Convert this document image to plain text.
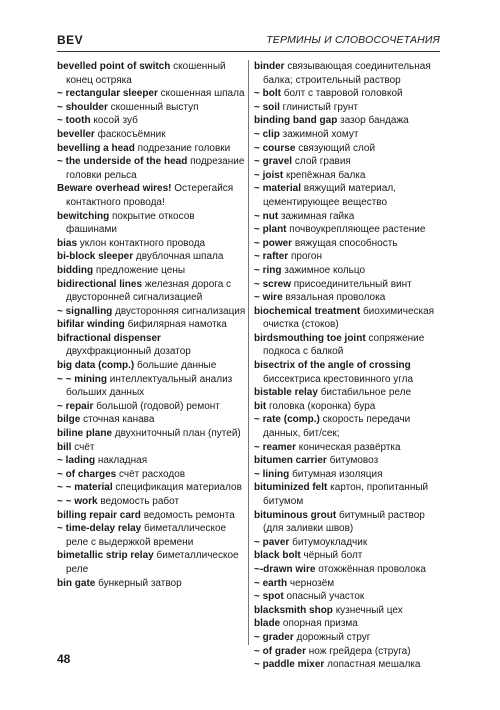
BEV	ТЕРМИНЫ И СЛОВОСОЧЕТАНИЯ

bevelled point of switch скошенный конец остряка

~ rectangular sleeper скошенная шпала

~ shoulder скошенный выступ

~ tooth косой зуб

beveller фаскосъёмник

bevelling a head подрезание головки

~ the underside of the head подрезание головки рельса

Beware overhead wires! Остерегайся контактного провода!

bewitching покрытие откосов фашинами

bias уклон контактного провода

bi-block sleeper двублочная шпала

bidding предложение цены

bidirectional lines железная дорога с двусторонней сигнализацией

~ signalling двусторонняя сигнализация

bifilar winding бифилярная намотка

bifractional dispenser двухфракционный дозатор

big data (comp.) большие данные

~ ~ mining интеллектуальный анализ больших данных

~ repair большой (годовой) ремонт

bilge сточная канава

biline plane двухниточный план (путей)

bill счёт

~ lading накладная

~ of charges счёт расходов

~ ~ material спецификация материалов

~ ~ work ведомость работ

billing repair card ведомость ремонта

~ time-delay relay биметаллическое реле с выдержкой времени

bimetallic strip relay биметаллическое реле

bin gate бункерный затвор

binder связывающая соединительная балка; строительный раствор

~ bolt болт с тавровой головкой

~ soil глинистый грунт

binding band gap зазор бандажа

~ clip зажимной хомут

~ course связующий слой

~ gravel слой гравия

~ joist крепёжная балка

~ material вяжущий материал, цементирующее вещество

~ nut зажимная гайка

~ plant почвоукрепляющее растение

~ power вяжущая способность

~ rafter прогон

~ ring зажимное кольцо

~ screw присоединительный винт

~ wire вязальная проволока

biochemical treatment биохимическая очистка (стоков)

birdsmouthing toe joint сопряжение подкоса с балкой

bisectrix of the angle of crossing биссектриса крестовинного угла

bistable relay бистабильное реле

bit головка (коронка) бура

~ rate (comp.) скорость передачи данных, бит/сек;

~ reamer коническая развёртка

bitumen carrier битумовоз

~ lining битумная изоляция

bituminized felt картон, пропитанный битумом

bituminous grout битумный раствор (для заливки швов)

~ paver битумоукладчик

black bolt чёрный болт

~-drawn wire отожжённая проволока

~ earth чернозём

~ spot опасный участок

blacksmith shop кузнечный цех

blade опорная призма

~ grader дорожный струг

~ of grader нож грейдера (струга)

~ paddle mixer лопастная мешалка

48
